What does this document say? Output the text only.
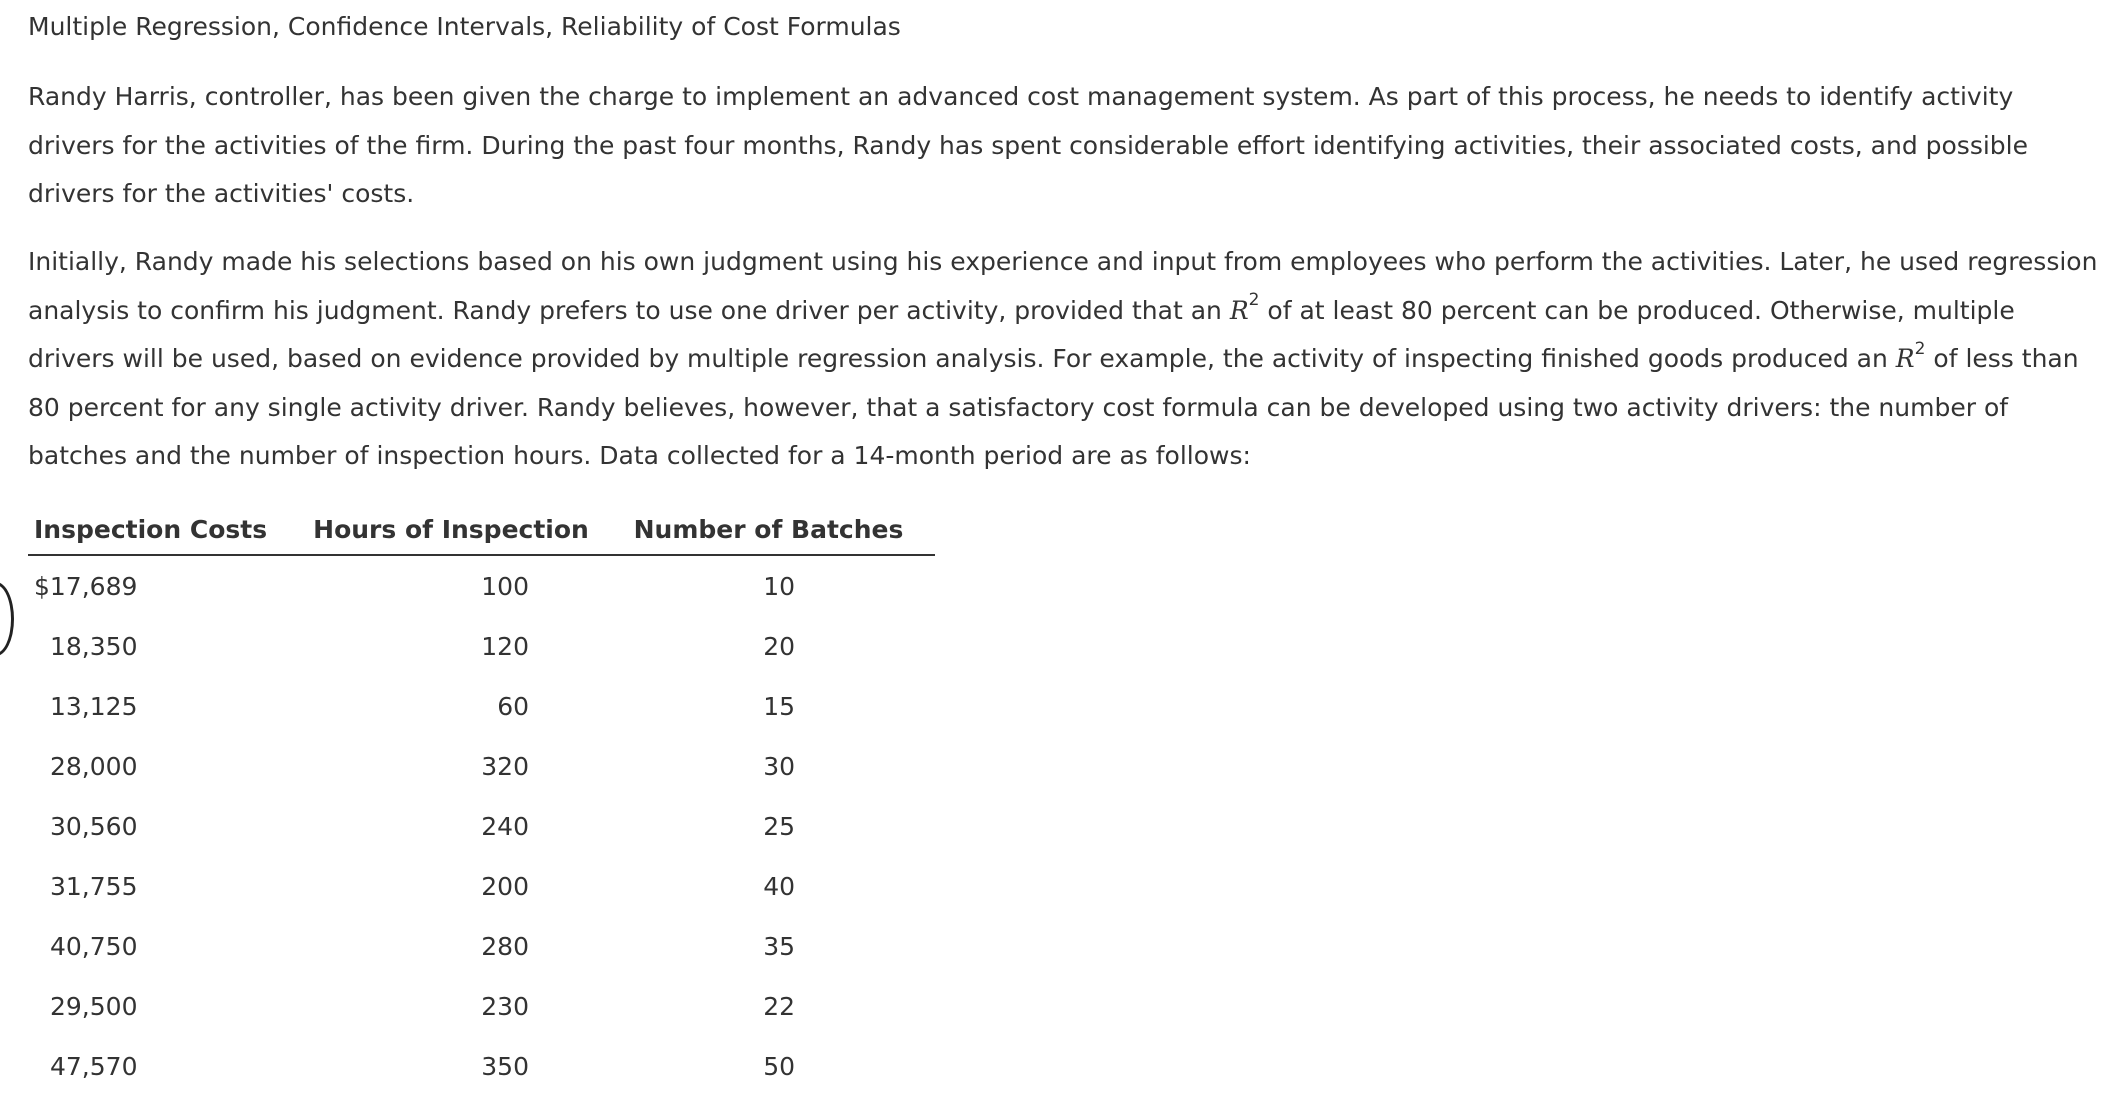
Multiple Regression, Confidence Intervals, Reliability of Cost Formulas

Randy Harris, controller, has been given the charge to implement an advanced cost management system. As part of this process, he needs to identify activity drivers for the activities of the firm. During the past four months, Randy has spent considerable effort identifying activities, their associated costs, and possible drivers for the activities' costs.

Initially, Randy made his selections based on his own judgment using his experience and input from employees who perform the activities. Later, he used regression analysis to confirm his judgment. Randy prefers to use one driver per activity, provided that an $R^2$ of at least 80 percent can be produced. Otherwise, multiple drivers will be used, based on evidence provided by multiple regression analysis. For example, the activity of inspecting finished goods produced an $R^2$ of less than 80 percent for any single activity driver. Randy believes, however, that a satisfactory cost formula can be developed using two activity drivers: the number of batches and the number of inspection hours. Data collected for a 14-month period are as follows:

Inspection Costs	Hours of Inspection	Number of Batches
$17,689	100	10
18,350	120	20
13,125	60	15
28,000	320	30
30,560	240	25
31,755	200	40
40,750	280	35
29,500	230	22
47,570	350	50
